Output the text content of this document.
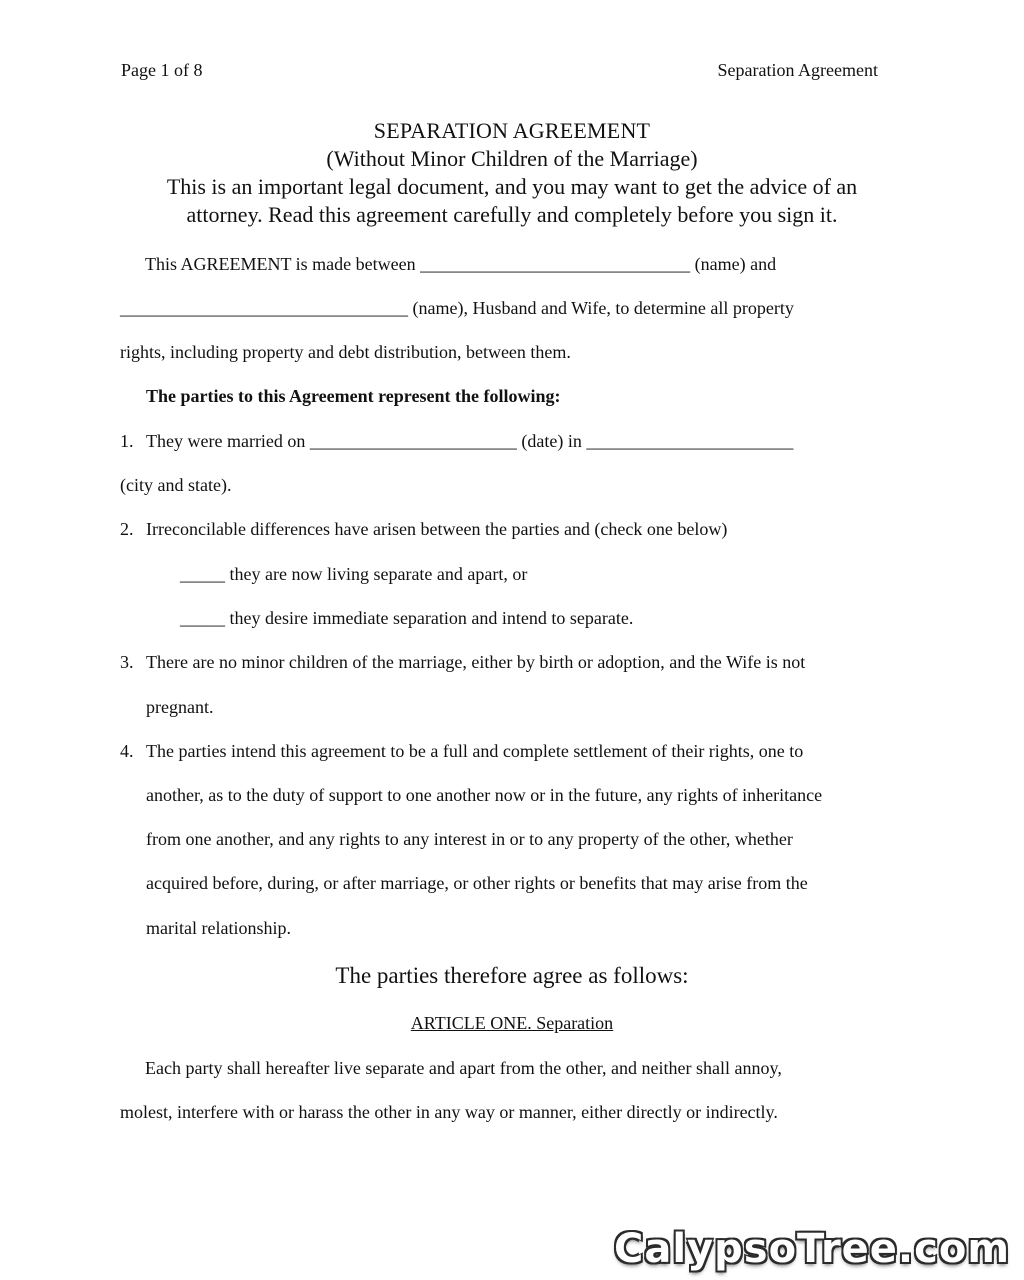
Page 1 of 8	Separation Agreement
SEPARATION AGREEMENT
(Without Minor Children of the Marriage)
This is an important legal document, and you may want to get the advice of an
attorney. Read this agreement carefully and completely before you sign it.
This AGREEMENT is made between ______________________________ (name) and
________________________________ (name), Husband and Wife, to determine all property
rights, including property and debt distribution, between them.
The parties to this Agreement represent the following:
1. They were married on _______________________ (date) in _______________________
(city and state).
2. Irreconcilable differences have arisen between the parties and (check one below)
_____ they are now living separate and apart, or
_____ they desire immediate separation and intend to separate.
3. There are no minor children of the marriage, either by birth or adoption, and the Wife is not
pregnant.
4. The parties intend this agreement to be a full and complete settlement of their rights, one to
another, as to the duty of support to one another now or in the future, any rights of inheritance
from one another, and any rights to any interest in or to any property of the other, whether
acquired before, during, or after marriage, or other rights or benefits that may arise from the
marital relationship.
The parties therefore agree as follows:
ARTICLE ONE. Separation
Each party shall hereafter live separate and apart from the other, and neither shall annoy,
molest, interfere with or harass the other in any way or manner, either directly or indirectly.
CalypsoTree.com
